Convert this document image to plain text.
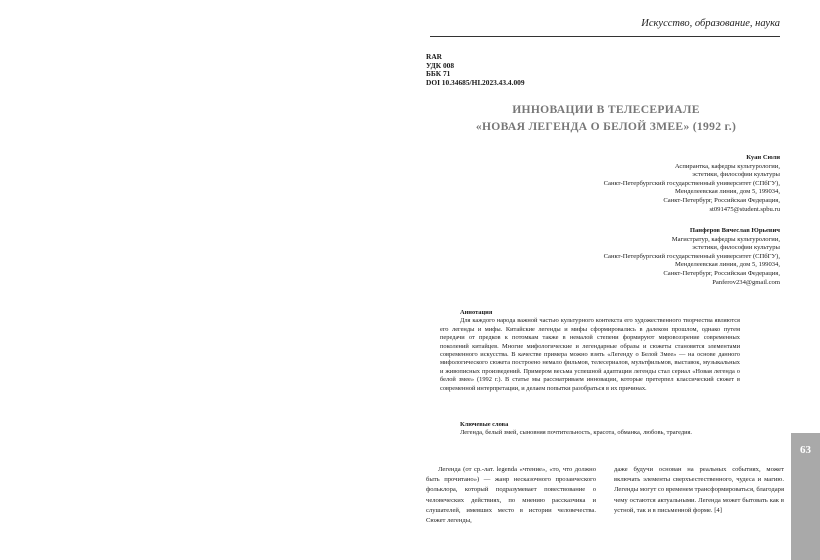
Искусство, образование, наука
RAR
УДК 008
ББК 71
DOI 10.34685/HI.2023.43.4.009
ИННОВАЦИИ В ТЕЛЕСЕРИАЛЕ
«НОВАЯ ЛЕГЕНДА О БЕЛОЙ ЗМЕЕ» (1992 г.)
Куан Сюли
Аспирантка, кафедры культурологии,
эстетики, философии культуры
Санкт-Петербургский государственный университет (СПбГУ),
Менделеевская линия, дом 5, 199034,
Санкт-Петербург, Российская Федерация,
st091475@student.spbu.ru
Панферов Вячеслав Юрьевич
Магистратур, кафедры культурологии,
эстетики, философии культуры
Санкт-Петербургский государственный университет (СПбГУ),
Менделеевская линия, дом 5, 199034,
Санкт-Петербург, Российская Федерация,
Panferov234@gmail.com
Аннотация
Для каждого народа важной частью культурного контекста его художественного творчества являются его легенды и мифы. Китайские легенды и мифы сформировались в далеком прошлом, однако путем передачи от предков к потомкам также в немалой степени формируют мировоззрение современных поколений китайцев. Многие мифологические и легендарные образы и сюжеты становятся элементами современного искусства. В качестве примера можно взять «Легенду о Белой Змее» — на основе данного мифологического сюжета построено немало фильмов, телесериалов, мультфильмов, выставок, музыкальных и живописных произведений. Примером весьма успешной адаптации легенды стал сериал «Новая легенда о белой змее» (1992 г.). В статье мы рассматриваем инновации, которые претерпел классический сюжет в современной интерпретации, и делаем попытки разобраться в их причинах.
Ключевые слова
Легенда, белый змей, сыновняя почтительность, красота, обманка, любовь, трагедия.
Легенда (от ср.-лат. legenda «чтение», «то, что должно быть прочитано») — жанр несказочного прозаического фольклора, который подразумевает повествование о человеческих действиях, по мнению рассказчика и слушателей, имевших место в истории человечества. Сюжет легенды,
даже будучи основан на реальных событиях, может включать элементы сверхъестественного, чудеса и магию. Легенды могут со временем трансформироваться, благодаря чему остаются актуальными. Легенда может бытовать как в устной, так и в письменной форме. [4]
63
